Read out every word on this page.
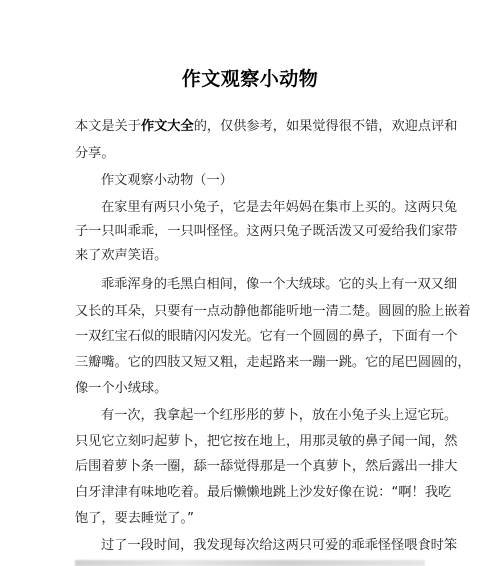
作文观察小动物
本文是关于作文大全的，仅供参考，如果觉得很不错，欢迎点评和
分享。
作文观察小动物（一）
在家里有两只小兔子，它是去年妈妈在集市上买的。这两只兔
子一只叫乖乖，一只叫怪怪。这两只兔子既活泼又可爱给我们家带
来了欢声笑语。
乖乖浑身的毛黑白相间，像一个大绒球。它的头上有一双又细
又长的耳朵，只要有一点动静他都能听地一清二楚。圆圆的脸上嵌着
一双红宝石似的眼睛闪闪发光。它有一个圆圆的鼻子，下面有一个
三瓣嘴。它的四肢又短又粗，走起路来一蹦一跳。它的尾巴圆圆的，
像一个小绒球。
有一次，我拿起一个红彤彤的萝卜，放在小兔子头上逗它玩。
只见它立刻叼起萝卜，把它按在地上，用那灵敏的鼻子闻一闻，然
后围着萝卜条一圈，舔一舔觉得那是一个真萝卜，然后露出一排大
白牙津津有味地吃着。最后懒懒地跳上沙发好像在说：“啊！我吃
饱了，要去睡觉了。”
过了一段时间，我发现每次给这两只可爱的乖乖怪怪喂食时笨
